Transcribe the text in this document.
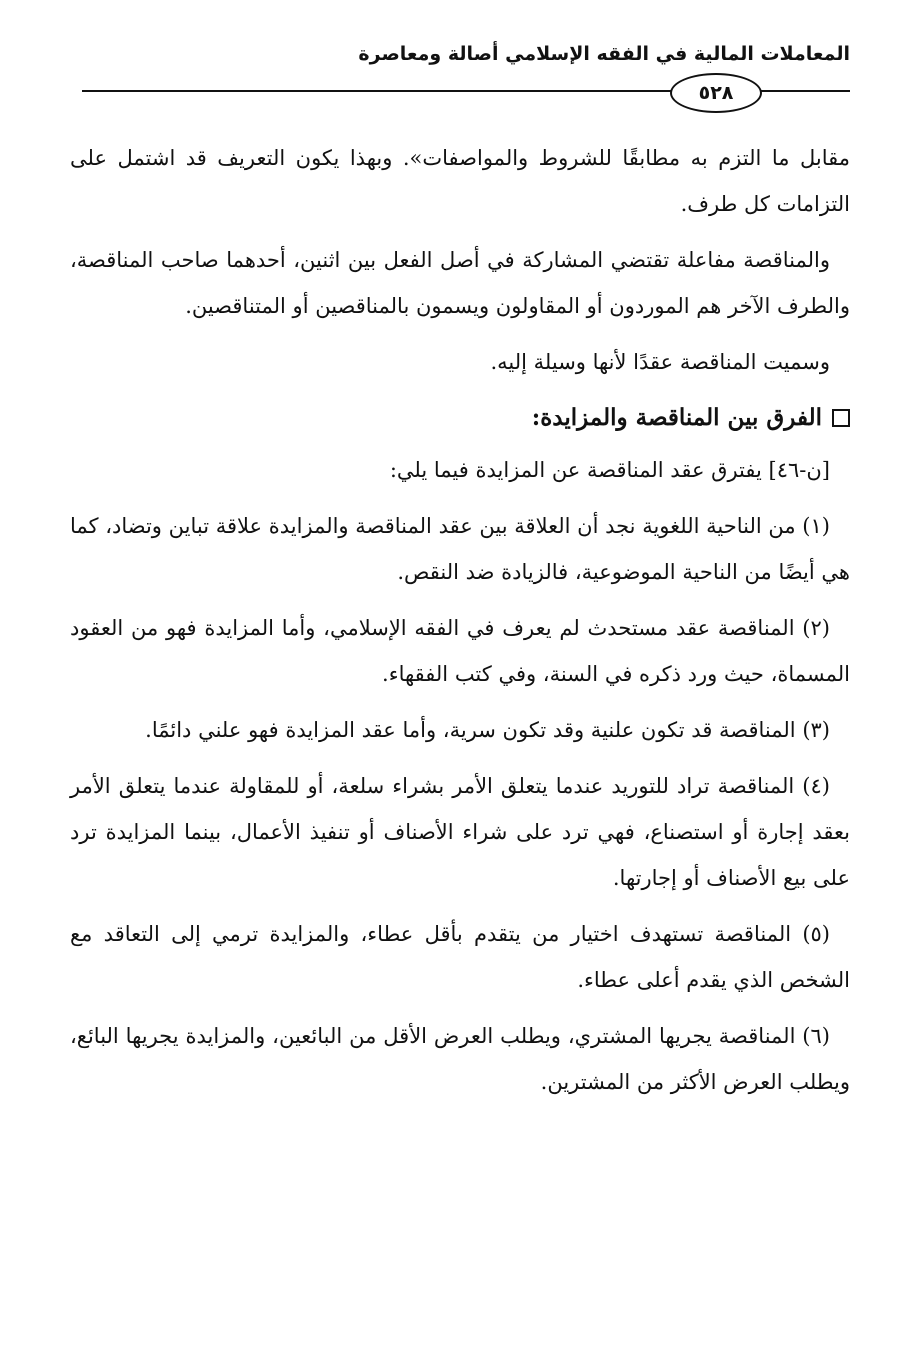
المعاملات المالية في الفقه الإسلامي أصالة ومعاصرة
٥٢٨

مقابل ما التزم به مطابقًا للشروط والمواصفات». وبهذا يكون التعريف قد اشتمل على التزامات كل طرف.

والمناقصة مفاعلة تقتضي المشاركة في أصل الفعل بين اثنين، أحدهما صاحب المناقصة، والطرف الآخر هم الموردون أو المقاولون ويسمون بالمناقصين أو المتناقصين.

وسميت المناقصة عقدًا لأنها وسيلة إليه.

الفرق بين المناقصة والمزايدة:

[ن-٤٦] يفترق عقد المناقصة عن المزايدة فيما يلي:

(١) من الناحية اللغوية نجد أن العلاقة بين عقد المناقصة والمزايدة علاقة تباين وتضاد، كما هي أيضًا من الناحية الموضوعية، فالزيادة ضد النقص.

(٢) المناقصة عقد مستحدث لم يعرف في الفقه الإسلامي، وأما المزايدة فهو من العقود المسماة، حيث ورد ذكره في السنة، وفي كتب الفقهاء.

(٣) المناقصة قد تكون علنية وقد تكون سرية، وأما عقد المزايدة فهو علني دائمًا.

(٤) المناقصة تراد للتوريد عندما يتعلق الأمر بشراء سلعة، أو للمقاولة عندما يتعلق الأمر بعقد إجارة أو استصناع، فهي ترد على شراء الأصناف أو تنفيذ الأعمال، بينما المزايدة ترد على بيع الأصناف أو إجارتها.

(٥) المناقصة تستهدف اختيار من يتقدم بأقل عطاء، والمزايدة ترمي إلى التعاقد مع الشخص الذي يقدم أعلى عطاء.

(٦) المناقصة يجريها المشتري، ويطلب العرض الأقل من البائعين، والمزايدة يجريها البائع، ويطلب العرض الأكثر من المشترين.
